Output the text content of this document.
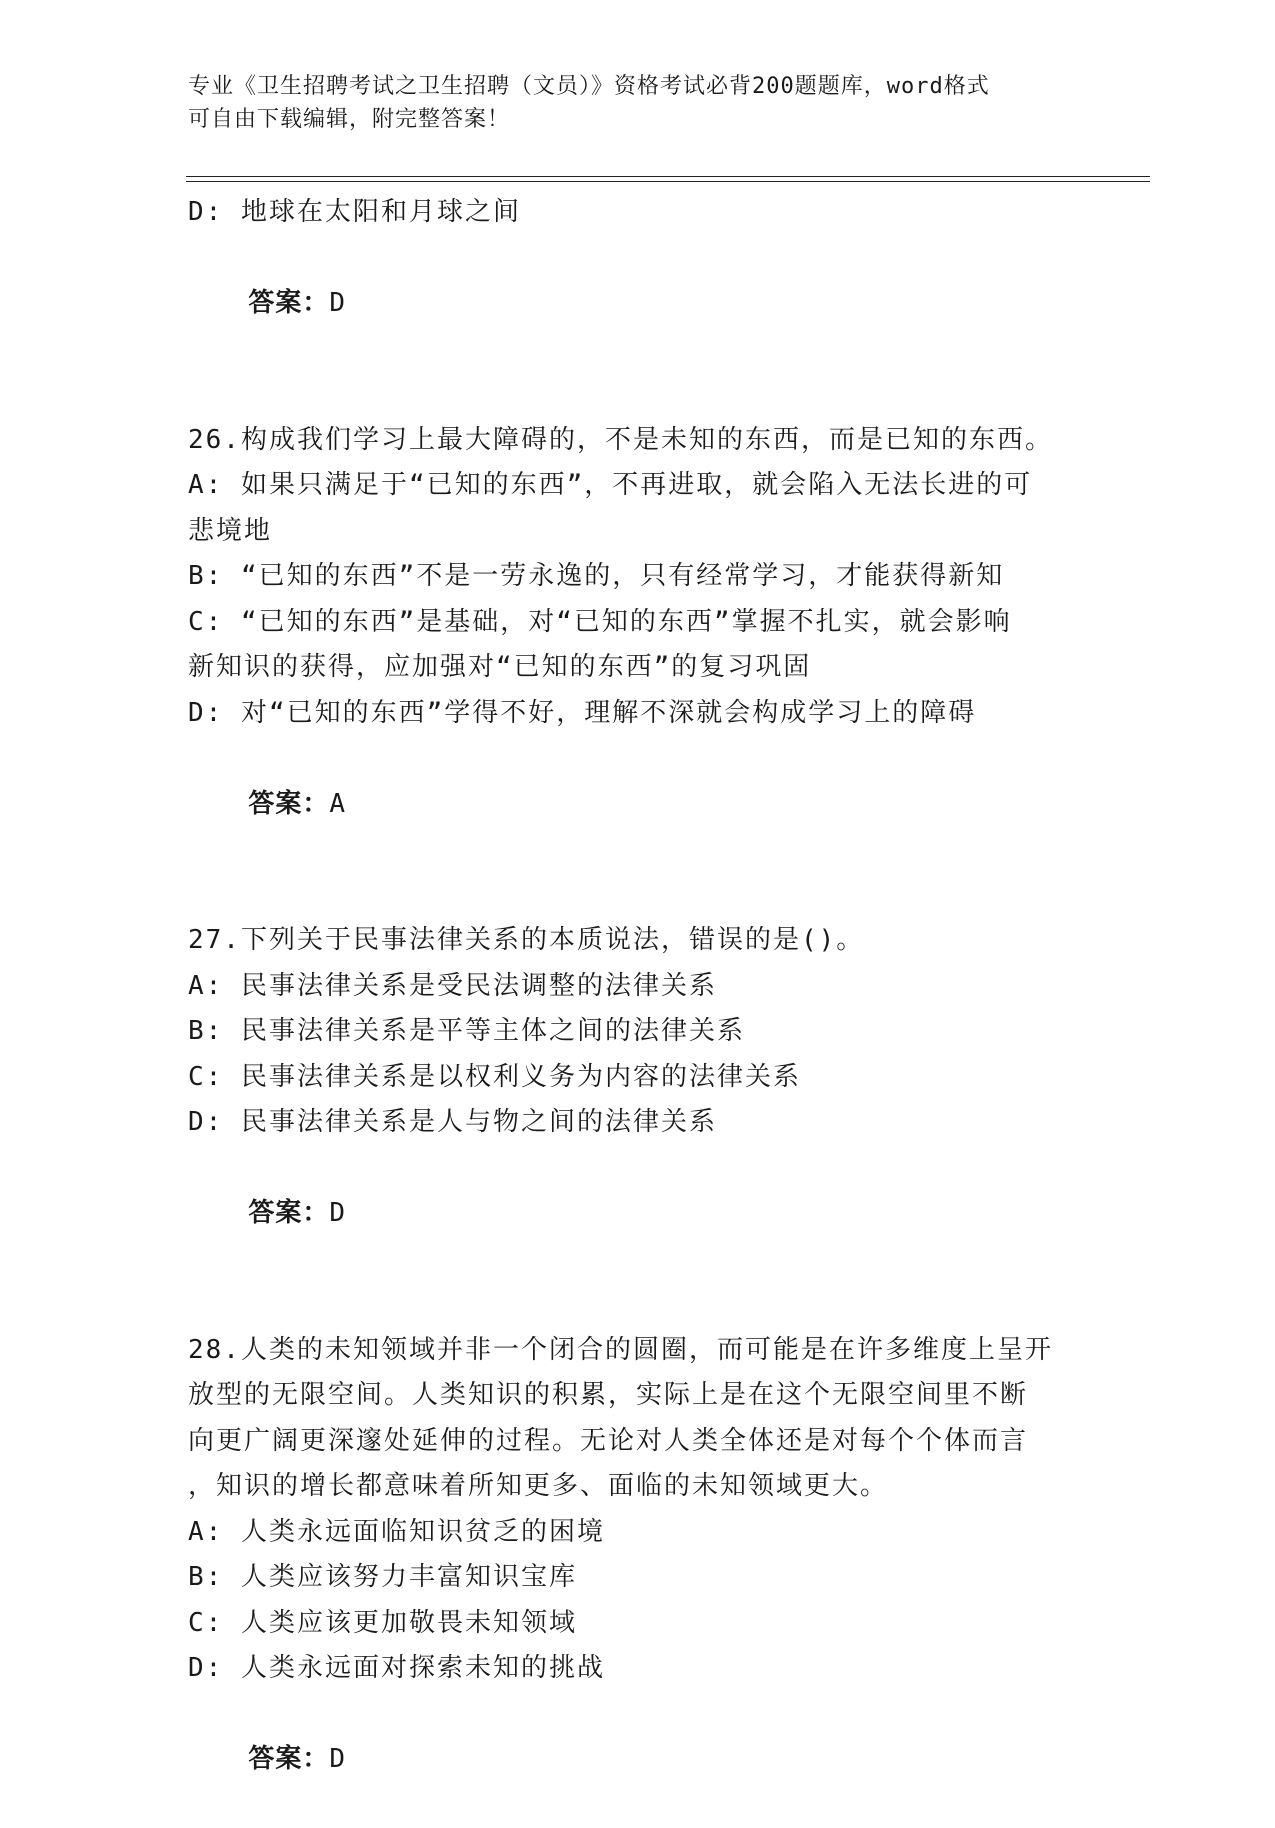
专业《卫生招聘考试之卫生招聘（文员）》资格考试必背200题题库，word格式
可自由下载编辑，附完整答案！
D: 地球在太阳和月球之间

答案：D

26.构成我们学习上最大障碍的，不是未知的东西，而是已知的东西。
A: 如果只满足于“已知的东西”，不再进取，就会陷入无法长进的可
悲境地
B: “已知的东西”不是一劳永逸的，只有经常学习，才能获得新知
C: “已知的东西”是基础，对“已知的东西”掌握不扎实，就会影响
新知识的获得，应加强对“已知的东西”的复习巩固
D: 对“已知的东西”学得不好，理解不深就会构成学习上的障碍

答案：A

27.下列关于民事法律关系的本质说法，错误的是()。
A: 民事法律关系是受民法调整的法律关系
B: 民事法律关系是平等主体之间的法律关系
C: 民事法律关系是以权利义务为内容的法律关系
D: 民事法律关系是人与物之间的法律关系

答案：D

28.人类的未知领域并非一个闭合的圆圈，而可能是在许多维度上呈开
放型的无限空间。人类知识的积累，实际上是在这个无限空间里不断
向更广阔更深邃处延伸的过程。无论对人类全体还是对每个个体而言
，知识的增长都意味着所知更多、面临的未知领域更大。
A: 人类永远面临知识贫乏的困境
B: 人类应该努力丰富知识宝库
C: 人类应该更加敬畏未知领域
D: 人类永远面对探索未知的挑战

答案：D
